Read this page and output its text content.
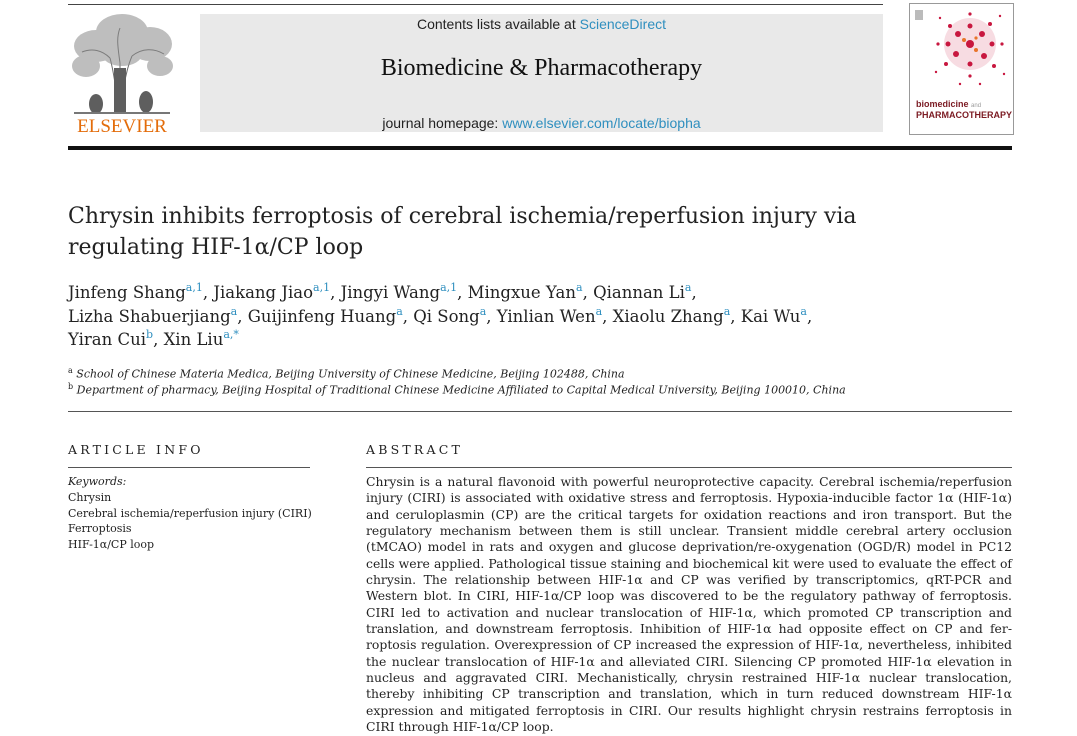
ELSEVIER
Contents lists available at ScienceDirect
Biomedicine & Pharmacotherapy
journal homepage: www.elsevier.com/locate/biopha
biomedicine and
PHARMACOTHERAPY
Chrysin inhibits ferroptosis of cerebral ischemia/reperfusion injury via regulating HIF-1α/CP loop
Jinfeng Shang$^{a,1}$, Jiakang Jiao$^{a,1}$, Jingyi Wang$^{a,1}$, Mingxue Yan$^a$, Qiannan Li$^a$,
Lizha Shabuerjiang$^a$, Guijinfeng Huang$^a$, Qi Song$^a$, Yinlian Wen$^a$, Xiaolu Zhang$^a$, Kai Wu$^a$,
Yiran Cui$^b$, Xin Liu$^{a,*}$
$^a$ School of Chinese Materia Medica, Beijing University of Chinese Medicine, Beijing 102488, China
$^b$ Department of pharmacy, Beijing Hospital of Traditional Chinese Medicine Affiliated to Capital Medical University, Beijing 100010, China
ARTICLE INFO
Keywords:
Chrysin
Cerebral ischemia/reperfusion injury (CIRI)
Ferroptosis
HIF-1α/CP loop
ABSTRACT

Chrysin is a natural flavonoid with powerful neuroprotective capacity. Cerebral ischemia/reperfusion injury (CIRI) is associated with oxidative stress and ferroptosis. Hypoxia-inducible factor 1α (HIF-1α) and ceruloplasmin (CP) are the critical targets for oxidation reactions and iron transport. But the regulatory mechanism between them is still unclear. Transient middle cerebral artery occlusion (tMCAO) model in rats and oxygen and glucose deprivation/re-oxygenation (OGD/R) model in PC12 cells were applied. Pathological tissue staining and biochemical kit were used to evaluate the effect of chrysin. The relationship between HIF-1α and CP was verified by transcriptomics, qRT-PCR and Western blot. In CIRI, HIF-1α/CP loop was discovered to be the regulatory pathway of ferroptosis. CIRI led to activation and nuclear translocation of HIF-1α, which promoted CP transcription and translation, and downstream ferroptosis. Inhibition of HIF-1α had opposite effect on CP and ferroptosis regulation. Overexpression of CP increased the expression of HIF-1α, nevertheless, inhibited the nuclear translocation of HIF-1α and alleviated CIRI. Silencing CP promoted HIF-1α elevation in nucleus and aggravated CIRI. Mechanistically, chrysin restrained HIF-1α nuclear translocation, thereby inhibiting CP transcription and translation, which in turn reduced downstream HIF-1α expression and mitigated ferroptosis in CIRI. Our results highlight chrysin restrains ferroptosis in CIRI through HIF-1α/CP loop.
